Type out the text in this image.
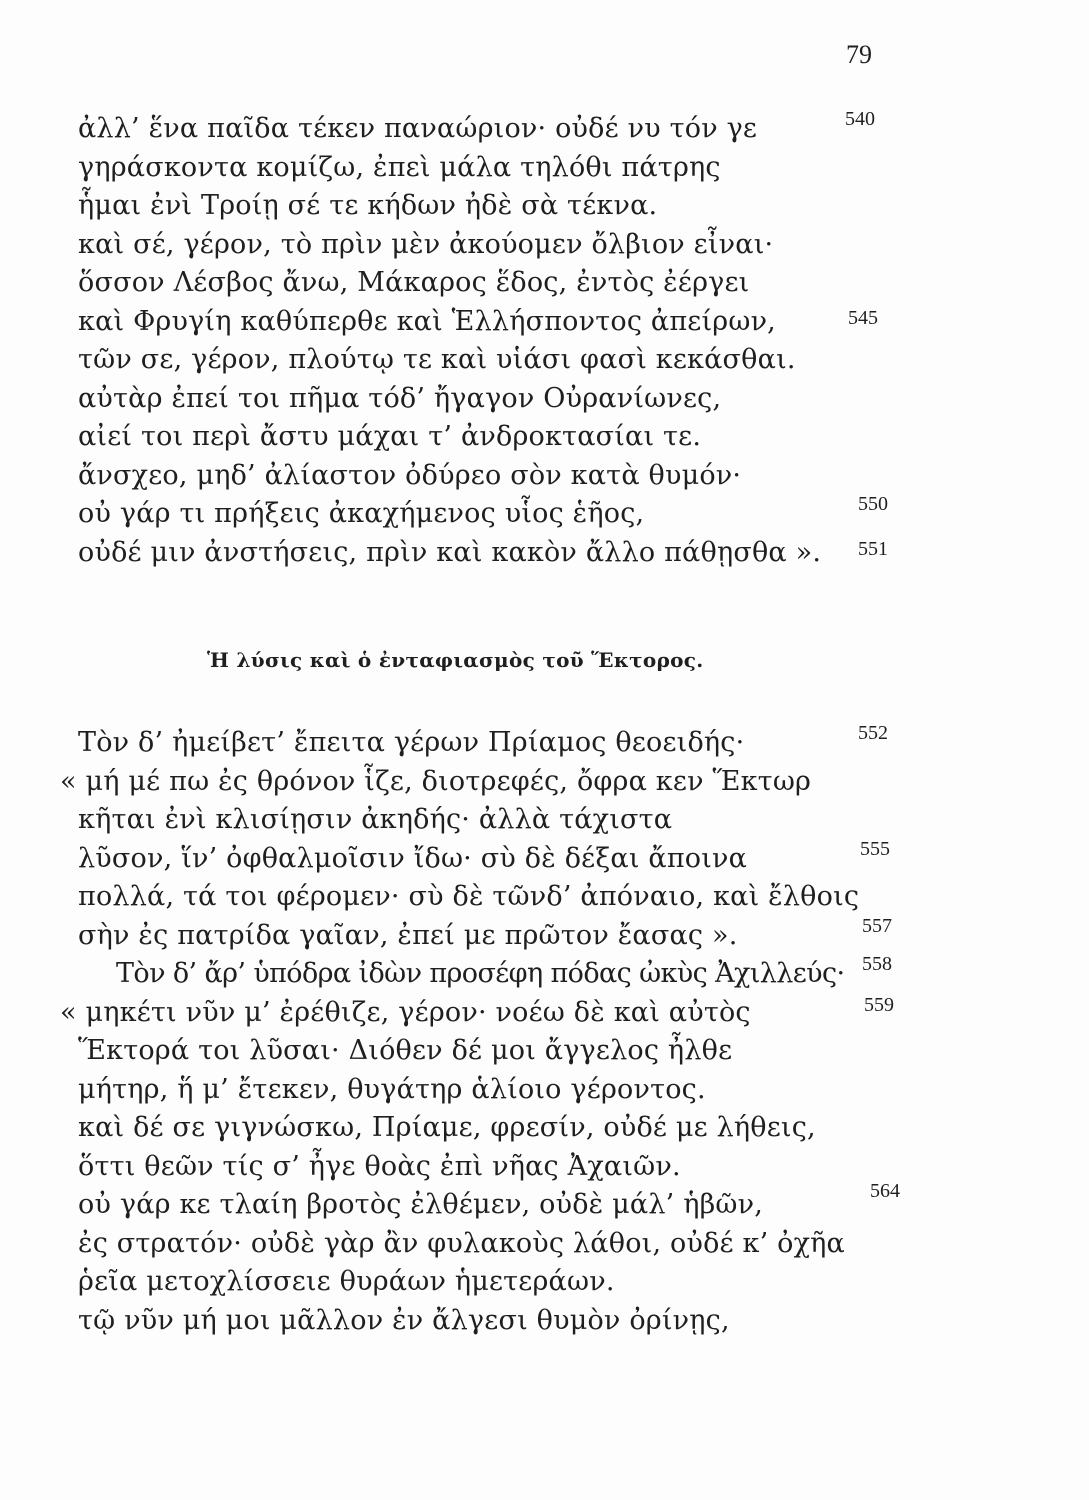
79
ἀλλ’ ἕνα παῖδα τέκεν παναώριον· οὐδέ νυ τόν γε	540
γηράσκοντα κομίζω, ἐπεὶ μάλα τηλόθι πάτρης
ἧμαι ἐνὶ Τροίῃ σέ τε κήδων ἠδὲ σὰ τέκνα.
καὶ σέ, γέρον, τὸ πρὶν μὲν ἀκούομεν ὄλβιον εἶναι·
ὅσσον Λέσβος ἄνω, Μάκαρος ἕδος, ἐντὸς ἐέργει
καὶ Φρυγίη καθύπερθε καὶ Ἑλλήσποντος ἀπείρων,	545
τῶν σε, γέρον, πλούτῳ τε καὶ υἱάσι φασὶ κεκάσθαι.
αὐτὰρ ἐπεί τοι πῆμα τόδ’ ἤγαγον Οὐρανίωνες,
αἰεί τοι περὶ ἄστυ μάχαι τ’ ἀνδροκτασίαι τε.
ἄνσχεο, μηδ’ ἀλίαστον ὀδύρεο σὸν κατὰ θυμόν·
οὐ γάρ τι πρήξεις ἀκαχήμενος υἷος ἑῆος,	550
οὐδέ μιν ἀνστήσεις, πρὶν καὶ κακὸν ἄλλο πάθῃσθα ». 551
Ἡ λύσις καὶ ὁ ἐνταφιασμὸς τοῦ Ἕκτορος.
Τὸν δ’ ἠμείβετ’ ἔπειτα γέρων Πρίαμος θεοειδής·	552
« μή μέ πω ἐς θρόνον ἷζε, διοτρεφές, ὄφρα κεν Ἕκτωρ
κῆται ἐνὶ κλισίῃσιν ἀκηδής· ἀλλὰ τάχιστα
λῦσον, ἵν’ ὀφθαλμοῖσιν ἴδω· σὺ δὲ δέξαι ἄποινα	555
πολλά, τά τοι φέρομεν· σὺ δὲ τῶνδ’ ἀπόναιο, καὶ ἔλθοις
σὴν ἐς πατρίδα γαῖαν, ἐπεί με πρῶτον ἔασας ».	557
Τὸν δ’ ἄρ’ ὑπόδρα ἰδὼν προσέφη πόδας ὠκὺς Ἀχιλλεύς· 558
« μηκέτι νῦν μ’ ἐρέθιζε, γέρον· νοέω δὲ καὶ αὐτὸς	559
Ἕκτορά τοι λῦσαι· Διόθεν δέ μοι ἄγγελος ἦλθε
μήτηρ, ἥ μ’ ἔτεκεν, θυγάτηρ ἁλίοιο γέροντος.
καὶ δέ σε γιγνώσκω, Πρίαμε, φρεσίν, οὐδέ με λήθεις,
ὅττι θεῶν τίς σ’ ἦγε θοὰς ἐπὶ νῆας Ἀχαιῶν.
οὐ γάρ κε τλαίη βροτὸς ἐλθέμεν, οὐδὲ μάλ’ ἡβῶν,	564
ἐς στρατόν· οὐδὲ γὰρ ἂν φυλακοὺς λάθοι, οὐδέ κ’ ὀχῆα
ῥεῖα μετοχλίσσειε θυράων ἡμετεράων.
τῷ νῦν μή μοι μᾶλλον ἐν ἄλγεσι θυμὸν ὀρίνῃς,
